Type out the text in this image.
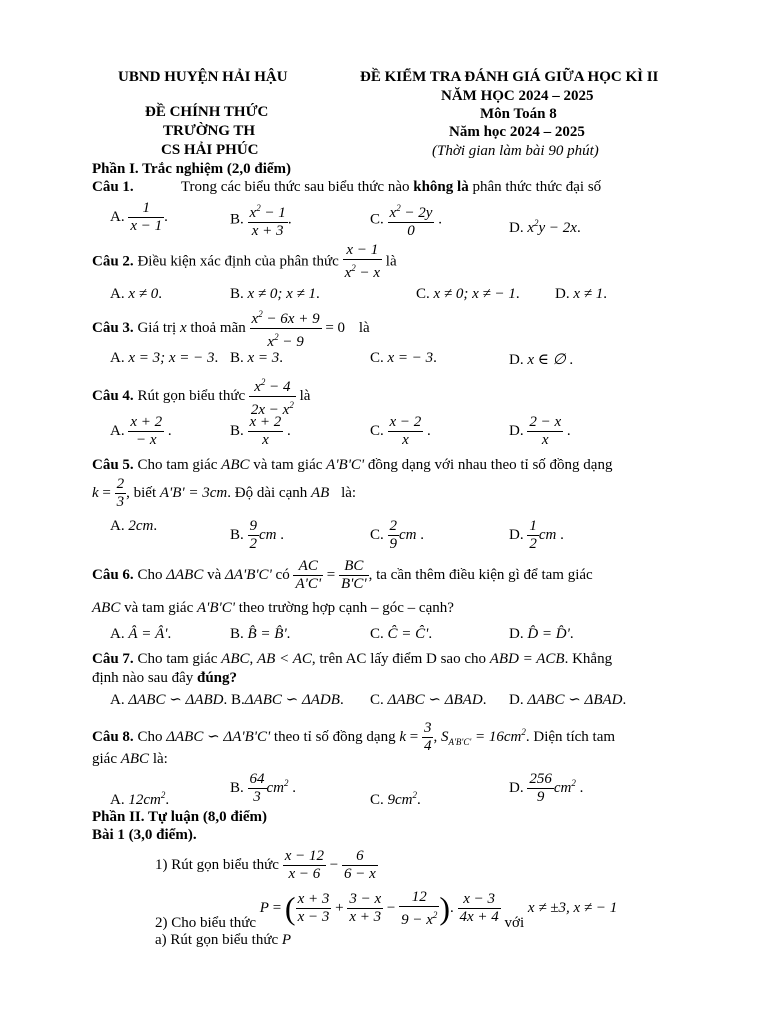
UBND HUYỆN HẢI HẬU
ĐỀ CHÍNH THỨC
TRƯỜNG TH
CS HẢI PHÚC
ĐỀ KIỂM TRA ĐÁNH GIÁ GIỮA HỌC KÌ II
NĂM HỌC 2024 – 2025
Môn Toán 8
Năm học 2024 – 2025
(Thời gian làm bài 90 phút)
Phần I. Trắc nghiệm (2,0 điểm)
Câu 1.	Trong các biểu thức sau biểu thức nào không là phân thức thức đại số
A. $\frac{1}{x - 1}$ .	B. $\frac{x^2 - 1}{x + 3}$ .	C. $\frac{x^2 - 2y}{0}$ .
D. $x^2y - 2x$.
Câu 2. Điều kiện xác định của phân thức $\frac{x - 1}{x^2 - x}$ là
A. x ≠ 0.	B. x ≠ 0; x ≠ 1.	C. x ≠ 0; x ≠ − 1. D. x ≠ 1.
Câu 3. Giá trị x thoả mãn $\frac{x^2 - 6x + 9}{x^2 - 9} = 0$ là
A. x = 3; x = − 3. B. x = 3.	C. x = − 3.	D. x ∈ ∅ .
Câu 4. Rút gọn biểu thức $\frac{x^2 - 4}{2x - x^2}$ là
A. $\frac{x + 2}{- x}$ .	B. $\frac{x + 2}{x}$ .	C. $\frac{x - 2}{x}$ .	D. $\frac{2 - x}{x}$ .
Câu 5. Cho tam giác ABC và tam giác A'B'C' đồng dạng với nhau theo tỉ số đồng dạng
$k = \frac{2}{3}$ , biết A'B' = 3cm. Độ dài cạnh AB là:
A. 2cm.
B. $\frac{9}{2}$ cm .	C. $\frac{2}{9}$ cm .	D. $\frac{1}{2}$ cm .
Câu 6. Cho ΔABC và ΔA'B'C' có $\frac{AC}{A'C'} = \frac{BC}{B'C'}$ , ta cần thêm điều kiện gì để tam giác
ABC và tam giác A'B'C' theo trường hợp cạnh – góc – cạnh?
A. Â = Â'.	B. B̂ = B̂'.	C. Ĉ = Ĉ'.	D. D̂ = D̂'.
Câu 7. Cho tam giác ABC, AB < AC, trên AC lấy điểm D sao cho ABD = ACB. Khẳng
định nào sau đây đúng?
A. ΔABC ∽ ΔABD. B.ΔABC ∽ ΔADB. C. ΔABC ∽ ΔBAD. D. ΔABC ∽ ΔBAD.
Câu 8. Cho ΔABC ∽ ΔA'B'C' theo tỉ số đồng dạng $k = \frac{3}{4}$ , $S_{A'B'C'} = 16cm^2$. Diện tích tam
giác ABC là:
A. $12cm^2$.
B. $\frac{64}{3} cm^2$ .
C. $9cm^2$.
D. $\frac{256}{9} cm^2$ .
Phần II. Tự luận (8,0 điểm)
Bài 1 (3,0 điểm).
1) Rút gọn biểu thức $\frac{x - 12}{x - 6} - \frac{6}{6 - x}$
2) Cho biểu thức P = ( $\frac{x + 3}{x - 3} + \frac{3 - x}{x + 3} - \frac{12}{9 - x^2}$ ). $\frac{x - 3}{4x + 4}$ với x ≠ ±3, x ≠ − 1
a) Rút gọn biểu thức P
